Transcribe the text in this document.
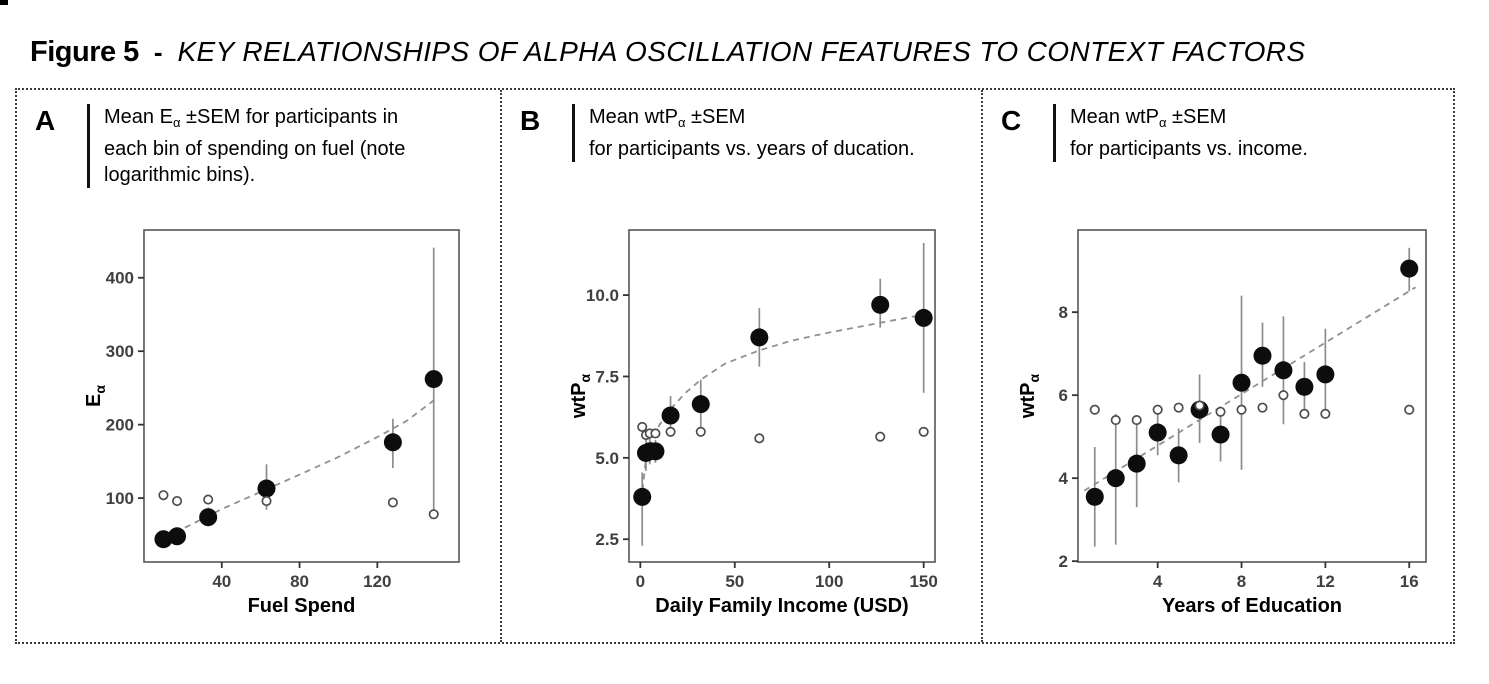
Figure 5 - KEY RELATIONSHIPS OF ALPHA OSCILLATION FEATURES TO CONTEXT FACTORS
A	Mean $E_\alpha \pm SEM$ for participants in
each bin of spending on fuel (note
logarithmic bins).
40	80	120
100
200
300
400
Fuel Spend
$E_\alpha$
B	Mean wtP$_\alpha$ ±SEM
for participants vs. years of ducation.
0	50	100	150
2.5
5.0
7.5
10.0
Daily Family Income (USD)
wtP$_\alpha$
C	Mean wtP$_\alpha$ ±SEM
for participants vs. income.
4	8	12	16
2
4
6
8
Years of Education
wtP$_\alpha$
